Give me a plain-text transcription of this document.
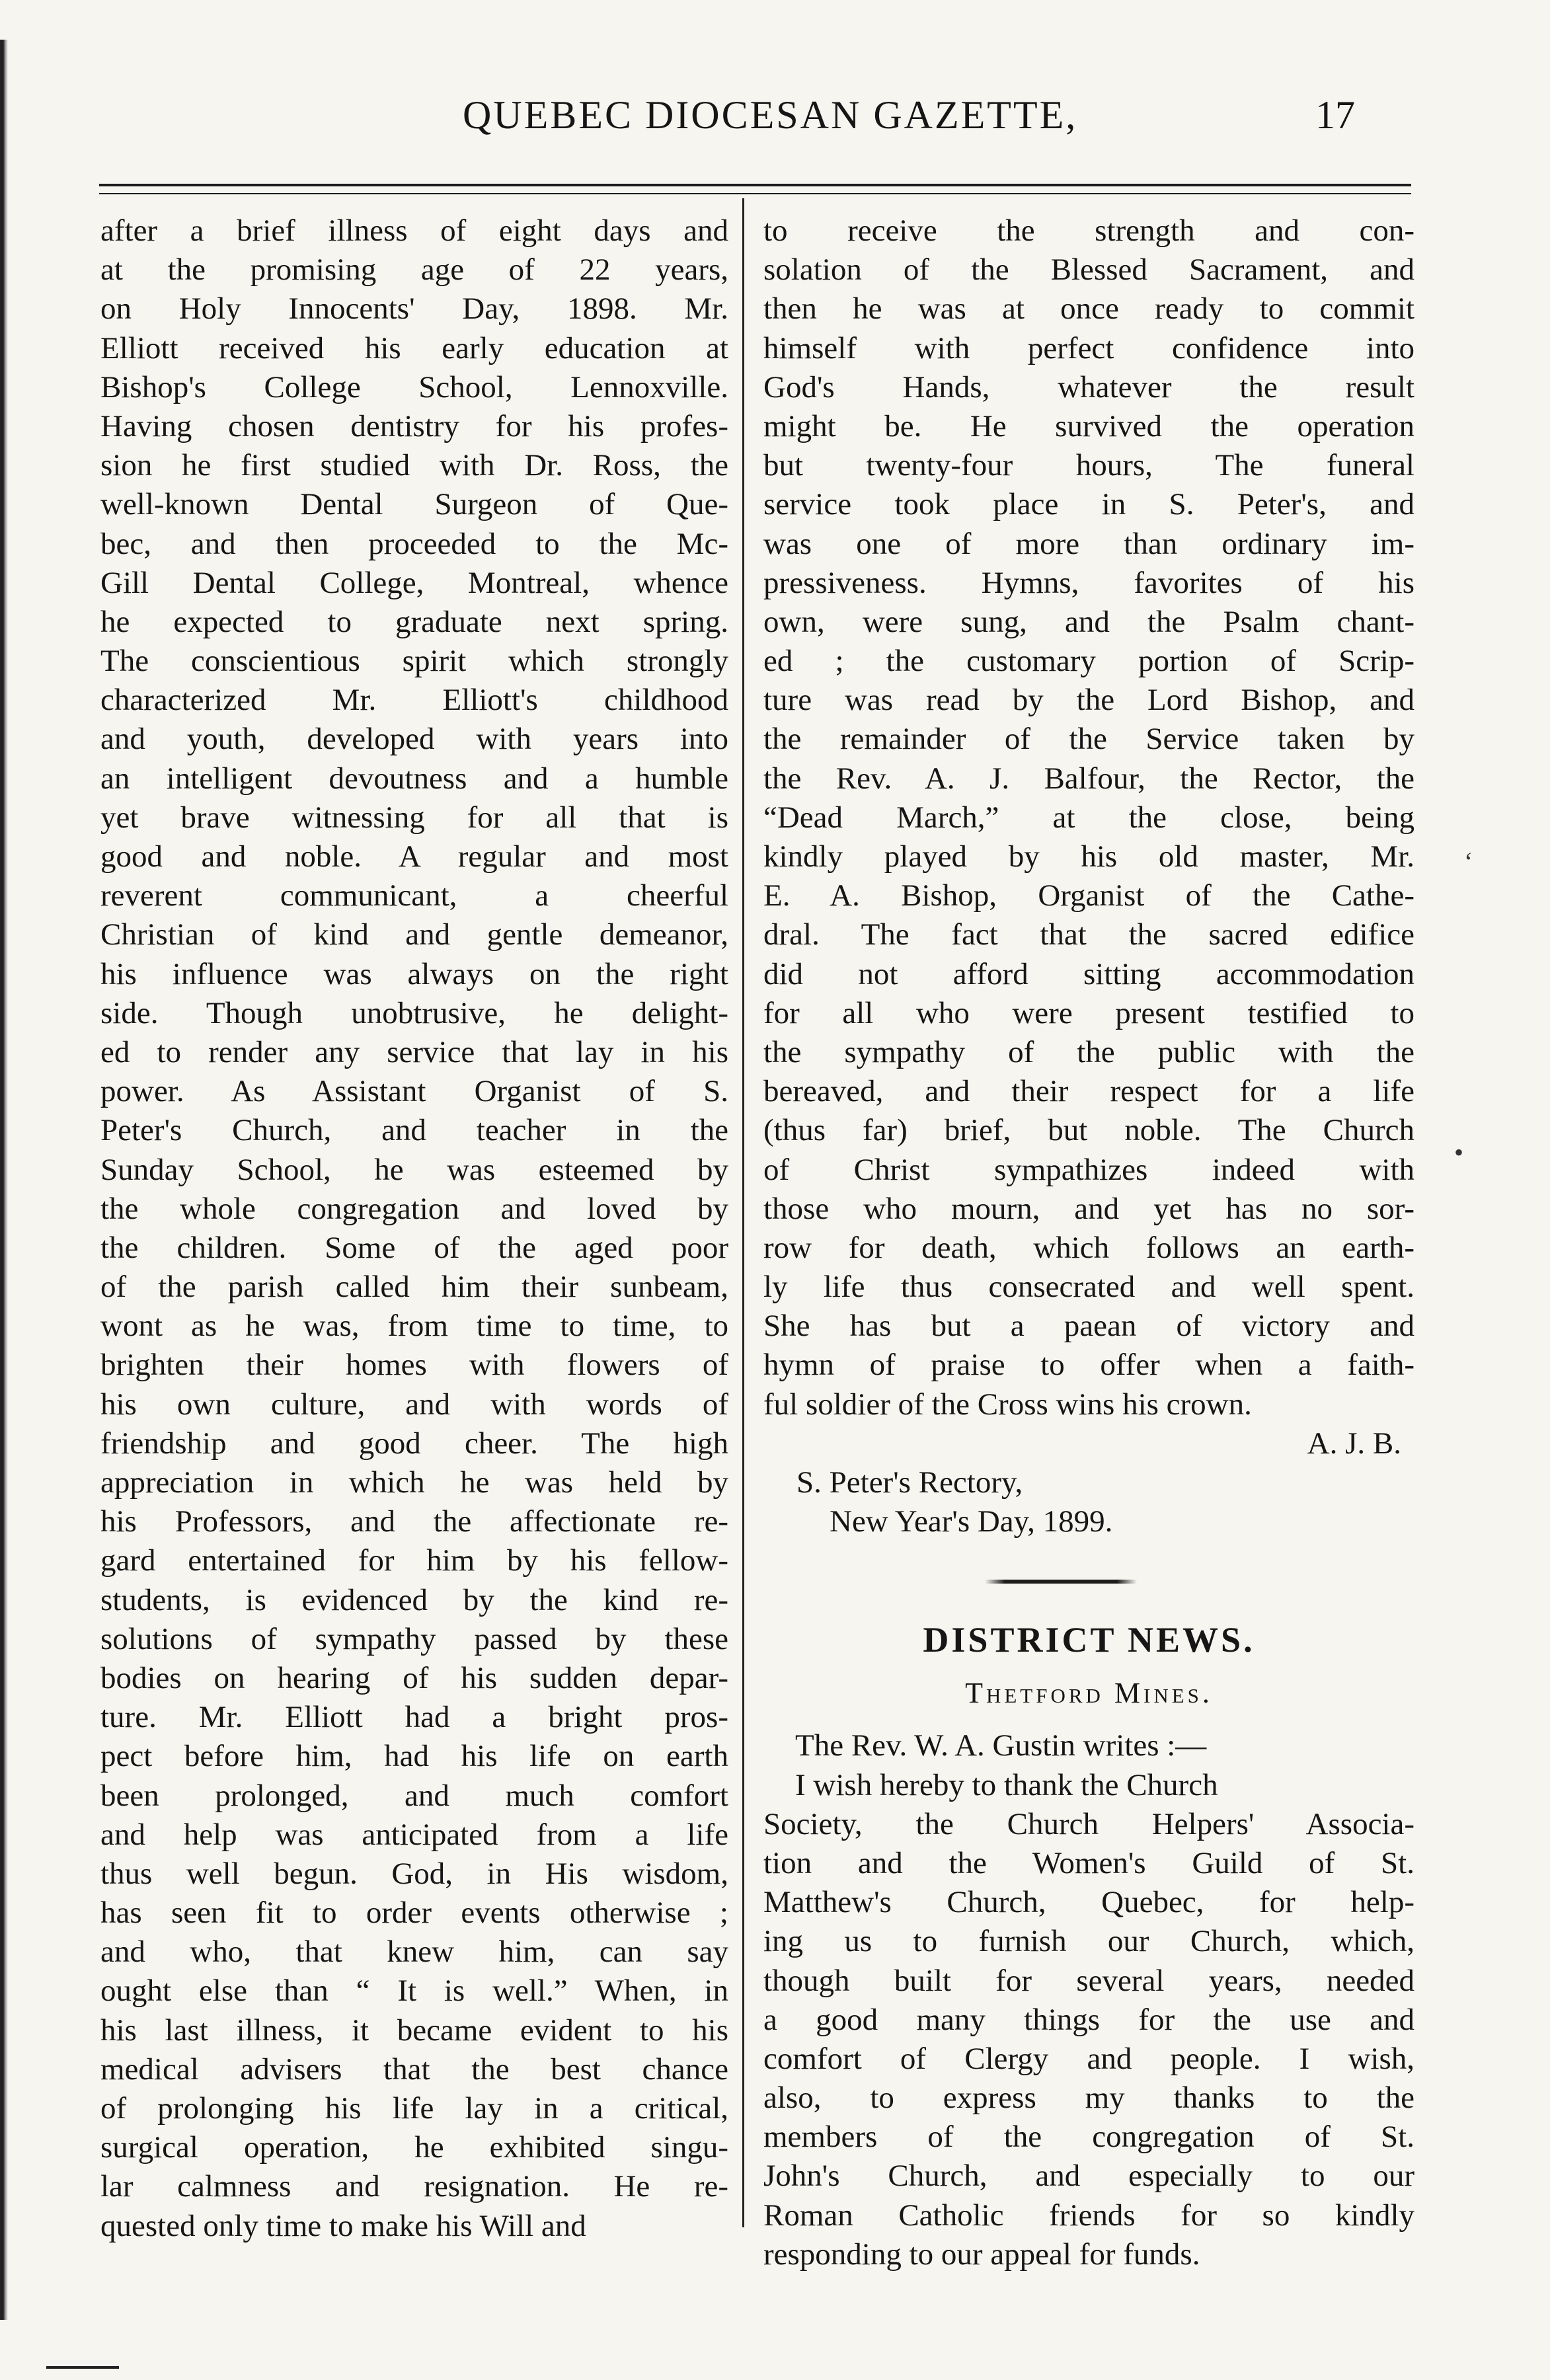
QUEBEC DIOCESAN GAZETTE,	17
after a brief illness of eight days and
at the promising age of 22 years,
on Holy Innocents' Day, 1898. Mr.
Elliott received his early education at
Bishop's College School, Lennoxville.
Having chosen dentistry for his profes-
sion he first studied with Dr. Ross, the
well-known Dental Surgeon of Que-
bec, and then proceeded to the Mc-
Gill Dental College, Montreal, whence
he expected to graduate next spring.
The conscientious spirit which strongly
characterized Mr. Elliott's childhood
and youth, developed with years into
an intelligent devoutness and a humble
yet brave witnessing for all that is
good and noble. A regular and most
reverent communicant, a cheerful
Christian of kind and gentle demeanor,
his influence was always on the right
side. Though unobtrusive, he delight-
ed to render any service that lay in his
power. As Assistant Organist of S.
Peter's Church, and teacher in the
Sunday School, he was esteemed by
the whole congregation and loved by
the children. Some of the aged poor
of the parish called him their sunbeam,
wont as he was, from time to time, to
brighten their homes with flowers of
his own culture, and with words of
friendship and good cheer. The high
appreciation in which he was held by
his Professors, and the affectionate re-
gard entertained for him by his fellow-
students, is evidenced by the kind re-
solutions of sympathy passed by these
bodies on hearing of his sudden depar-
ture. Mr. Elliott had a bright pros-
pect before him, had his life on earth
been prolonged, and much comfort
and help was anticipated from a life
thus well begun. God, in His wisdom,
has seen fit to order events otherwise ;
and who, that knew him, can say
ought else than “ It is well.” When, in
his last illness, it became evident to his
medical advisers that the best chance
of prolonging his life lay in a critical,
surgical operation, he exhibited singu-
lar calmness and resignation. He re-
quested only time to make his Will and
to receive the strength and con-
solation of the Blessed Sacrament, and
then he was at once ready to commit
himself with perfect confidence into
God's Hands, whatever the result
might be. He survived the operation
but twenty-four hours, The funeral
service took place in S. Peter's, and
was one of more than ordinary im-
pressiveness. Hymns, favorites of his
own, were sung, and the Psalm chant-
ed ; the customary portion of Scrip-
ture was read by the Lord Bishop, and
the remainder of the Service taken by
the Rev. A. J. Balfour, the Rector, the
“Dead March,” at the close, being
kindly played by his old master, Mr.
E. A. Bishop, Organist of the Cathe-
dral. The fact that the sacred edifice
did not afford sitting accommodation
for all who were present testified to
the sympathy of the public with the
bereaved, and their respect for a life
(thus far) brief, but noble. The Church
of Christ sympathizes indeed with
those who mourn, and yet has no sor-
row for death, which follows an earth-
ly life thus consecrated and well spent.
She has but a paean of victory and
hymn of praise to offer when a faith-
ful soldier of the Cross wins his crown.
A. J. B.
S. Peter's Rectory,
New Year's Day, 1899.
DISTRICT NEWS.
Thetford Mines.
The Rev. W. A. Gustin writes :—
I wish hereby to thank the Church
Society, the Church Helpers' Associa-
tion and the Women's Guild of St.
Matthew's Church, Quebec, for help-
ing us to furnish our Church, which,
though built for several years, needed
a good many things for the use and
comfort of Clergy and people. I wish,
also, to express my thanks to the
members of the congregation of St.
John's Church, and especially to our
Roman Catholic friends for so kindly
responding to our appeal for funds.
‘
•
